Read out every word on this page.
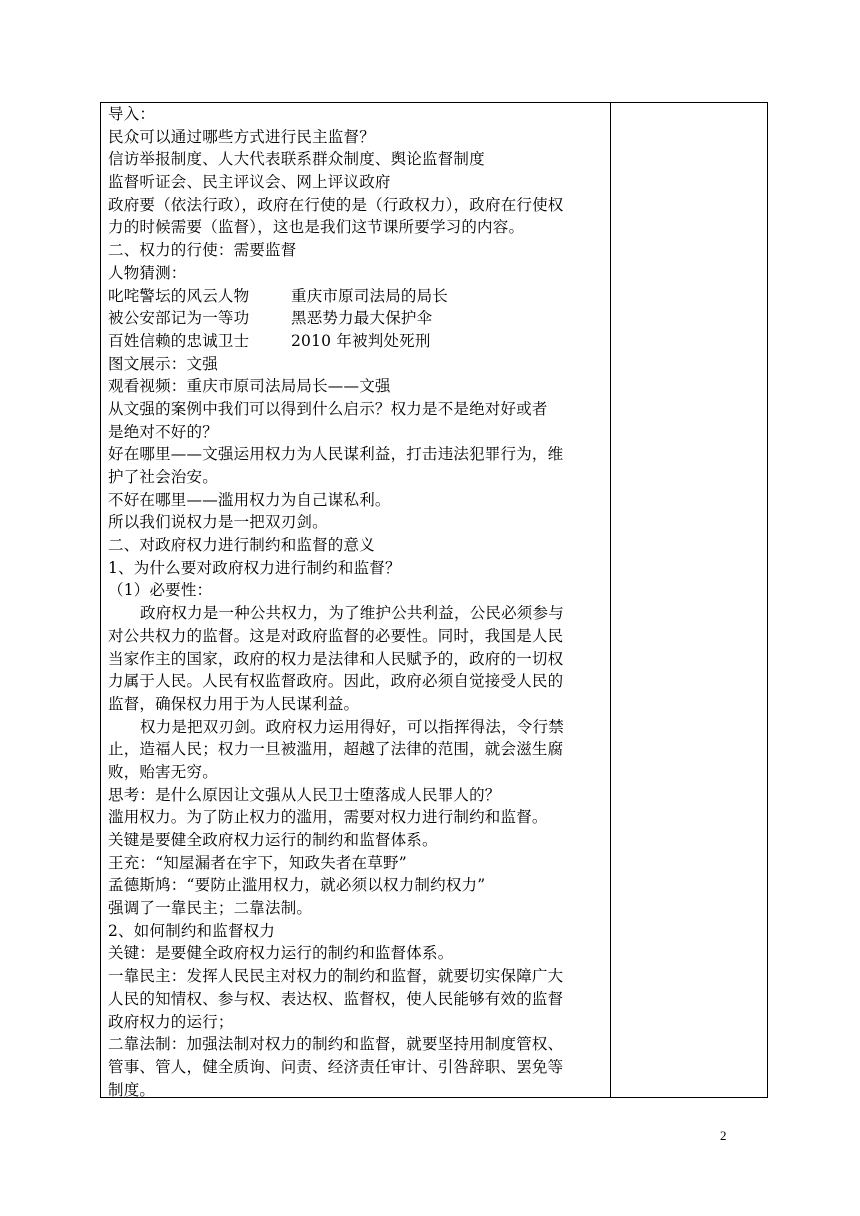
导入：
民众可以通过哪些方式进行民主监督？
信访举报制度、人大代表联系群众制度、舆论监督制度
监督听证会、民主评议会、网上评议政府
政府要（依法行政），政府在行使的是（行政权力），政府在行使权
力的时候需要（监督），这也是我们这节课所要学习的内容。
二、权力的行使：需要监督
人物猜测：
叱咤警坛的风云人物	重庆市原司法局的局长
被公安部记为一等功	黑恶势力最大保护伞
百姓信赖的忠诚卫士	2010 年被判处死刑
图文展示：文强
观看视频：重庆市原司法局局长——文强
从文强的案例中我们可以得到什么启示？权力是不是绝对好或者
是绝对不好的？
好在哪里——文强运用权力为人民谋利益，打击违法犯罪行为，维
护了社会治安。
不好在哪里——滥用权力为自己谋私利。
所以我们说权力是一把双刃剑。
二、对政府权力进行制约和监督的意义
1、为什么要对政府权力进行制约和监督？
（1）必要性：
政府权力是一种公共权力，为了维护公共利益，公民必须参与
对公共权力的监督。这是对政府监督的必要性。同时，我国是人民
当家作主的国家，政府的权力是法律和人民赋予的，政府的一切权
力属于人民。人民有权监督政府。因此，政府必须自觉接受人民的
监督，确保权力用于为人民谋利益。
权力是把双刃剑。政府权力运用得好，可以指挥得法，令行禁
止，造福人民；权力一旦被滥用，超越了法律的范围，就会滋生腐
败，贻害无穷。
思考：是什么原因让文强从人民卫士堕落成人民罪人的？
滥用权力。为了防止权力的滥用，需要对权力进行制约和监督。
关键是要健全政府权力运行的制约和监督体系。
王充：“知屋漏者在宇下，知政失者在草野”
孟德斯鸠：“要防止滥用权力，就必须以权力制约权力”
强调了一靠民主；二靠法制。
2、如何制约和监督权力
关键：是要健全政府权力运行的制约和监督体系。
一靠民主：发挥人民民主对权力的制约和监督，就要切实保障广大
人民的知情权、参与权、表达权、监督权，使人民能够有效的监督
政府权力的运行；
二靠法制：加强法制对权力的制约和监督，就要坚持用制度管权、
管事、管人，健全质询、问责、经济责任审计、引咎辞职、罢免等
制度。
2
